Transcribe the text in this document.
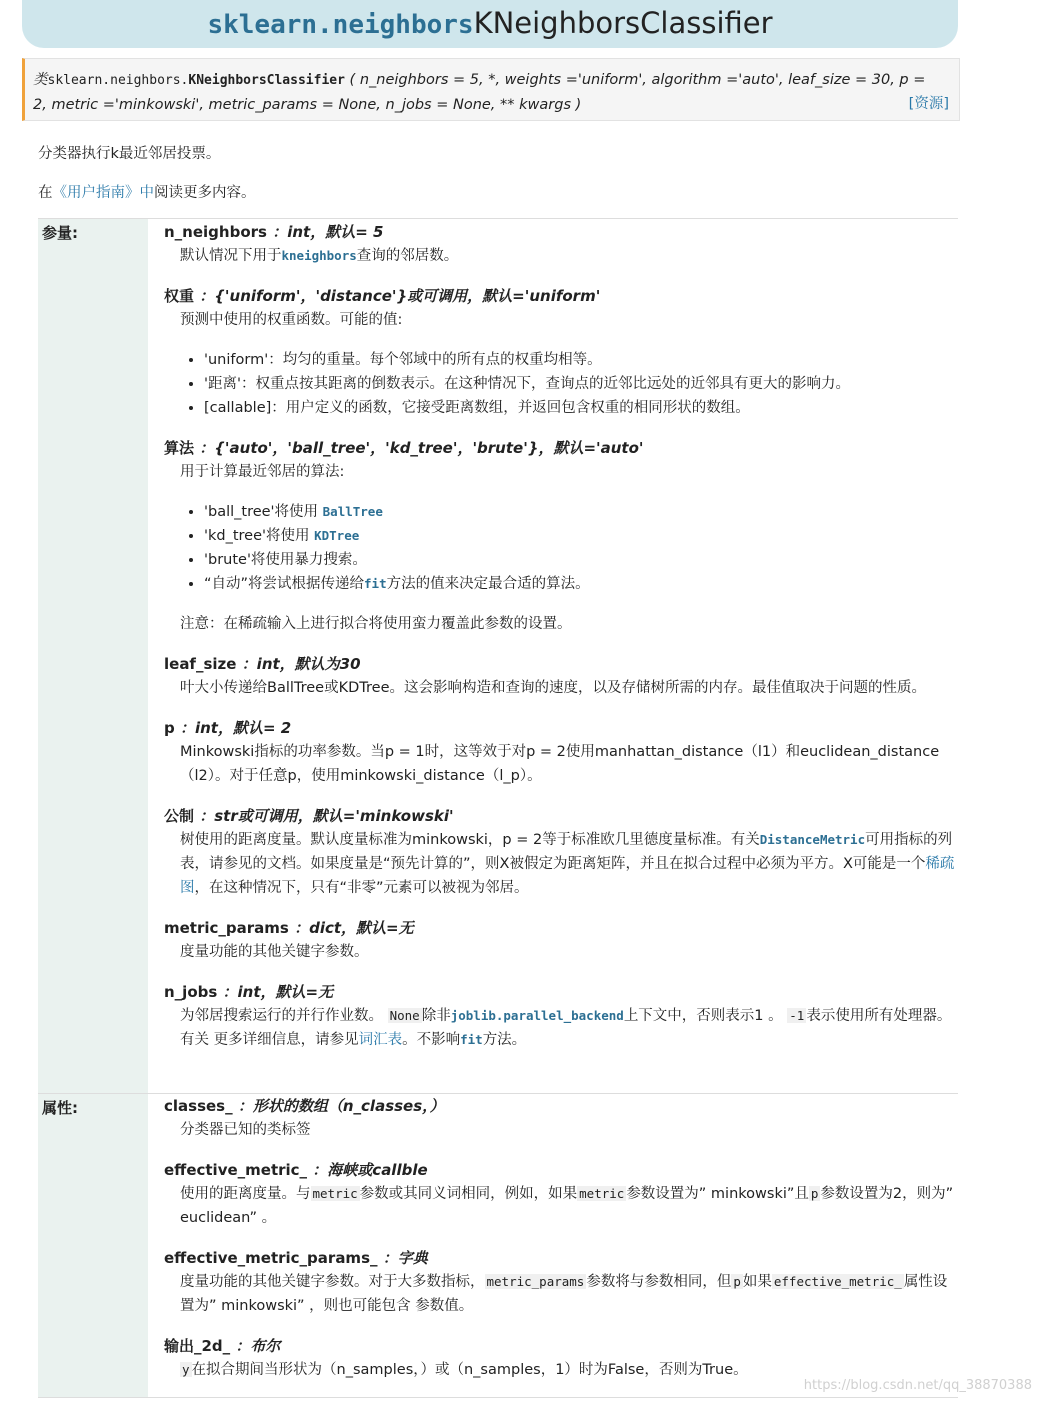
sklearn.neighborsKNeighborsClassifier
类sklearn.neighbors.KNeighborsClassifier ( n_neighbors = 5, *, weights ='uniform', algorithm ='auto', leaf_size = 30, p =
2, metric ='minkowski', metric_params = None, n_jobs = None, ** kwargs )	[资源]
分类器执行k最近邻居投票。
在《用户指南》中阅读更多内容。
参量:	n_neighbors ：int，默认= 5

默认情况下用于kneighbors查询的邻居数。

权重 ：{'uniform'，'distance'}或可调用，默认='uniform'

预测中使用的权重函数。可能的值:

• 'uniform'：均匀的重量。每个邻域中的所有点的权重均相等。
• '距离'：权重点按其距离的倒数表示。在这种情况下，查询点的近邻比远处的近邻具有更大的影响力。
• [callable]：用户定义的函数，它接受距离数组，并返回包含权重的相同形状的数组。

算法 ：{'auto'，'ball_tree'，'kd_tree'，'brute'}，默认='auto'

用于计算最近邻居的算法:

• 'ball_tree'将使用 BallTree
• 'kd_tree'将使用 KDTree
• 'brute'将使用暴力搜索。
• “自动”将尝试根据传递给fit方法的值来决定最合适的算法。

注意：在稀疏输入上进行拟合将使用蛮力覆盖此参数的设置。

leaf_size ：int，默认为30

叶大小传递给BallTree或KDTree。这会影响构造和查询的速度，以及存储树所需的内存。最佳值取决于问题的性质。

p ：int，默认= 2

Minkowski指标的功率参数。当p = 1时，这等效于对p = 2使用manhattan_distance（l1）和euclidean_distance（l2）。对于任意p，使用minkowski_distance（l_p）。

公制 ：str或可调用，默认='minkowski'

树使用的距离度量。默认度量标准为minkowski，p = 2等于标准欧几里德度量标准。有关DistanceMetric可用指标的列表，请参见的文档。如果度量是“预先计算的”，则X被假定为距离矩阵，并且在拟合过程中必须为平方。X可能是一个稀疏图，在这种情况下，只有“非零”元素可以被视为邻居。

metric_params ：dict，默认=无

度量功能的其他关键字参数。

n_jobs ：int，默认=无

为邻居搜索运行的并行作业数。 None 除非joblib.parallel_backend上下文中，否则表示1 。 -1 表示使用所有处理器。有关 更多详细信息，请参见词汇表。不影响fit方法。

属性:	classes_ ：形状的数组（n_classes，）

分类器已知的类标签

effective_metric_ ：海峡或callble

使用的距离度量。与 metric 参数或其同义词相同，例如，如果 metric 参数设置为” minkowski”且 p 参数设置为2，则为” euclidean” 。

effective_metric_params_ ：字典

度量功能的其他关键字参数。对于大多数指标， metric_params 参数将与参数相同，但 p 如果 effective_metric_ 属性设置为” minkowski” ，则也可能包含 参数值。

输出_2d_ ：布尔

y 在拟合期间当形状为（n_samples，）或（n_samples，1）时为False，否则为True。

https://blog.csdn.net/qq_38870388
